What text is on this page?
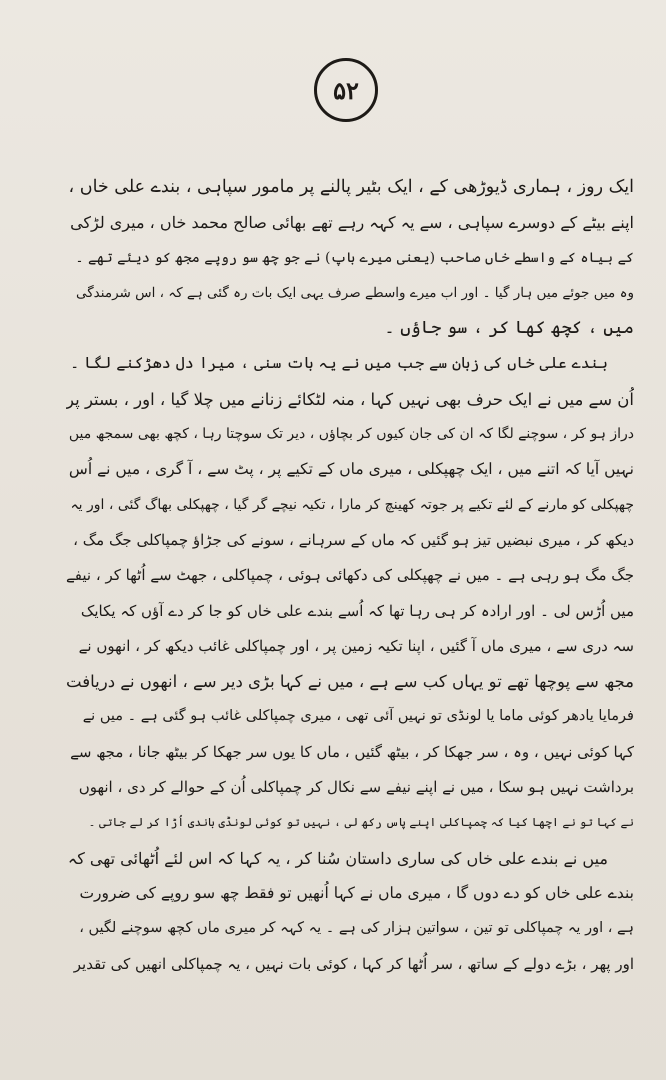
۵۲
ایک روز ، ہماری ڈیوڑھی کے ، ایک بٹیر پالنے پر مامور سپاہی ، بندے علی خاں ،
اپنے بیٹے کے دوسرے سپاہی ، سے یہ کہہ رہے تھے بھائی صالح محمد خاں ، میری لڑکی
کے بیاہ کے واسطے خاں صاحب (یعنی میرے باپ) نے جو چھ سو روپے مجھ کو دیئے تھے ۔
وہ میں جوئے میں ہار گیا ۔ اور اب میرے واسطے صرف یہی ایک بات رہ گئی ہے کہ ، اس شرمندگی
میں ، کچھ کھا کر ، سو جاؤں ۔
بندے علی خاں کی زبان سے جب میں نے یہ بات سنی ، میرا دل دھڑکنے لگا ۔
اُن سے میں نے ایک حرف بھی نہیں کہا ، منہ لٹکائے زنانے میں چلا گیا ، اور ، بستر پر
دراز ہو کر ، سوچنے لگا کہ ان کی جان کیوں کر بچاؤں ، دیر تک سوچتا رہا ، کچھ بھی سمجھ میں
نہیں آیا کہ اتنے میں ، ایک چھپکلی ، میری ماں کے تکیے پر ، پٹ سے ، آ گری ، میں نے اُس
چھپکلی کو مارنے کے لئے تکیے پر جوتہ کھینچ کر مارا ، تکیہ نیچے گر گیا ، چھپکلی بھاگ گئی ، اور یہ
دیکھ کر ، میری نبضیں تیز ہو گئیں کہ ماں کے سرہانے ، سونے کی جڑاؤ چمپاکلی جگ مگ ،
جگ مگ ہو رہی ہے ۔ میں نے چھپکلی کی دکھائی ہوئی ، چمپاکلی ، جھٹ سے اُٹھا کر ، نیفے
میں اُڑس لی ۔ اور ارادہ کر ہی رہا تھا کہ اُسے بندے علی خاں کو جا کر دے آؤں کہ یکایک
سہ دری سے ، میری ماں آ گئیں ، اپنا تکیہ زمین پر ، اور چمپاکلی غائب دیکھ کر ، انھوں نے
مجھ سے پوچھا تھے تو یہاں کب سے ہے ، میں نے کہا بڑی دیر سے ، انھوں نے دریافت
فرمایا یادھر کوئی ماما یا لونڈی تو نہیں آئی تھی ، میری چمپاکلی غائب ہو گئی ہے ۔ میں نے
کہا کوئی نہیں ، وہ ، سر جھکا کر ، بیٹھ گئیں ، ماں کا یوں سر جھکا کر بیٹھ جانا ، مجھ سے
برداشت نہیں ہو سکا ، میں نے اپنے نیفے سے نکال کر چمپاکلی اُن کے حوالے کر دی ، انھوں
نے کہا تو نے اچھا کیا کہ چمپاکلی اپنے پاس رکھ لی ، نہیں تو کوئی لونڈی باندی اُڑا کر لے جاتی ۔
میں نے بندے علی خاں کی ساری داستان سُنا کر ، یہ کہا کہ اس لئے اُٹھائی تھی کہ
بندے علی خاں کو دے دوں گا ، میری ماں نے کہا اُنھیں تو فقط چھ سو روپے کی ضرورت
ہے ، اور یہ چمپاکلی تو تین ، سواتین ہزار کی ہے ۔ یہ کہہ کر میری ماں کچھ سوچنے لگیں ،
اور پھر ، بڑے دولے کے ساتھ ، سر اُٹھا کر کہا ، کوئی بات نہیں ، یہ چمپاکلی انھیں کی تقدیر
